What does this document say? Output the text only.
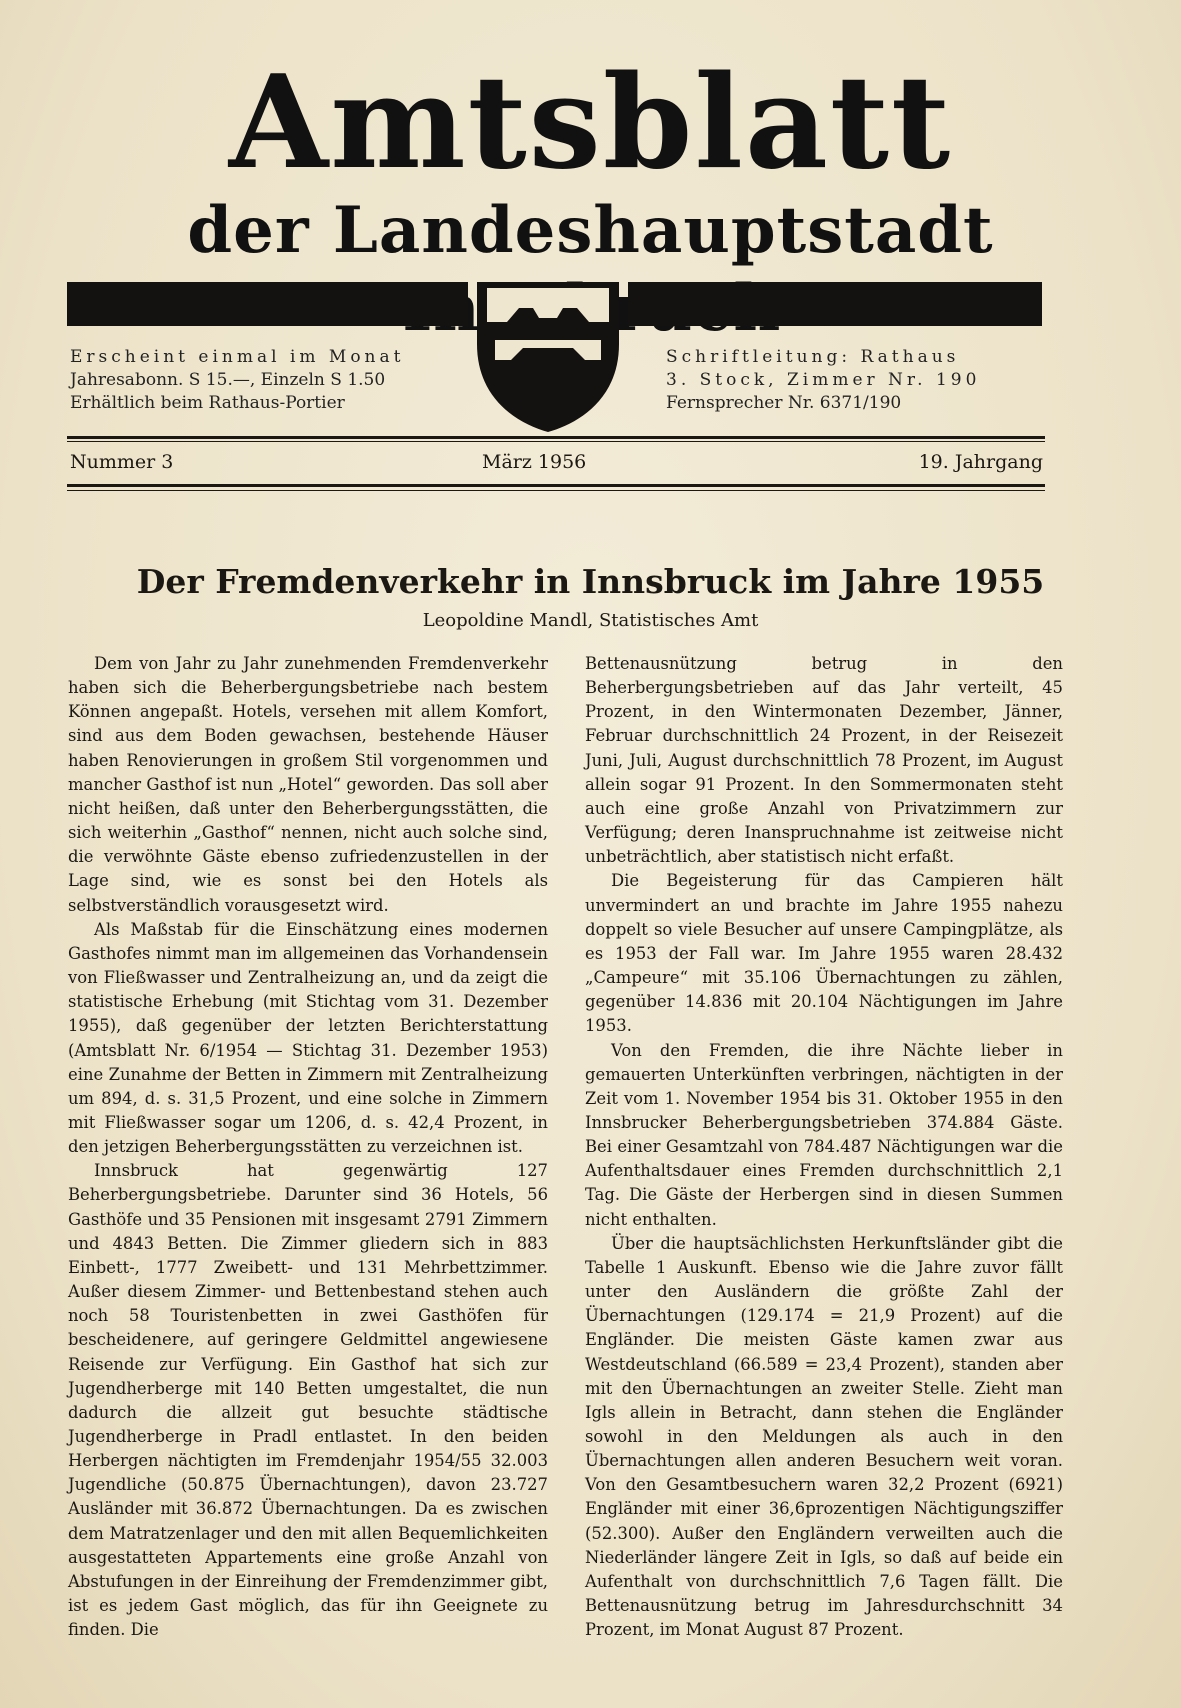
Amtsblatt
der Landeshauptstadt
Erscheint einmal im Monat
Jahresabonn. S 15.—, Einzeln S 1.50
Erhältlich beim Rathaus-Portier
Schriftleitung: Rathaus
3. Stock, Zimmer Nr. 190
Fernsprecher Nr. 6371/190
Nummer 3	März 1956	19. Jahrgang
Der Fremdenverkehr in Innsbruck im Jahre 1955
Leopoldine Mandl, Statistisches Amt

Dem von Jahr zu Jahr zunehmenden Fremdenverkehr haben sich die Beherbergungsbetriebe nach bestem Können angepaßt. Hotels, versehen mit allem Komfort, sind aus dem Boden gewachsen, bestehende Häuser haben Renovierungen in großem Stil vorgenommen und mancher Gasthof ist nun „Hotel“ geworden. Das soll aber nicht heißen, daß unter den Beherbergungsstätten, die sich weiterhin „Gasthof“ nennen, nicht auch solche sind, die verwöhnte Gäste ebenso zufriedenzustellen in der Lage sind, wie es sonst bei den Hotels als selbstverständlich vorausgesetzt wird.

Als Maßstab für die Einschätzung eines modernen Gasthofes nimmt man im allgemeinen das Vorhandensein von Fließwasser und Zentralheizung an, und da zeigt die statistische Erhebung (mit Stichtag vom 31. Dezember 1955), daß gegenüber der letzten Berichterstattung (Amtsblatt Nr. 6/1954 — Stichtag 31. Dezember 1953) eine Zunahme der Betten in Zimmern mit Zentralheizung um 894, d. s. 31,5 Prozent, und eine solche in Zimmern mit Fließwasser sogar um 1206, d. s. 42,4 Prozent, in den jetzigen Beherbergungsstätten zu verzeichnen ist.

Innsbruck hat gegenwärtig 127 Beherbergungsbetriebe. Darunter sind 36 Hotels, 56 Gasthöfe und 35 Pensionen mit insgesamt 2791 Zimmern und 4843 Betten. Die Zimmer gliedern sich in 883 Einbett-, 1777 Zweibett- und 131 Mehrbettzimmer. Außer diesem Zimmer- und Bettenbestand stehen auch noch 58 Touristenbetten in zwei Gasthöfen für bescheidenere, auf geringere Geldmittel angewiesene Reisende zur Verfügung. Ein Gasthof hat sich zur Jugendherberge mit 140 Betten umgestaltet, die nun dadurch die allzeit gut besuchte städtische Jugendherberge in Pradl entlastet. In den beiden Herbergen nächtigten im Fremdenjahr 1954/55 32.003 Jugendliche (50.875 Übernachtungen), davon 23.727 Ausländer mit 36.872 Übernachtungen. Da es zwischen dem Matratzenlager und den mit allen Bequemlichkeiten ausgestatteten Appartements eine große Anzahl von Abstufungen in der Einreihung der Fremdenzimmer gibt, ist es jedem Gast möglich, das für ihn Geeignete zu finden. Die

Bettenausnützung betrug in den Beherbergungsbetrieben auf das Jahr verteilt, 45 Prozent, in den Wintermonaten Dezember, Jänner, Februar durchschnittlich 24 Prozent, in der Reisezeit Juni, Juli, August durchschnittlich 78 Prozent, im August allein sogar 91 Prozent. In den Sommermonaten steht auch eine große Anzahl von Privatzimmern zur Verfügung; deren Inanspruchnahme ist zeitweise nicht unbeträchtlich, aber statistisch nicht erfaßt.

Die Begeisterung für das Campieren hält unvermindert an und brachte im Jahre 1955 nahezu doppelt so viele Besucher auf unsere Campingplätze, als es 1953 der Fall war. Im Jahre 1955 waren 28.432 „Campeure“ mit 35.106 Übernachtungen zu zählen, gegenüber 14.836 mit 20.104 Nächtigungen im Jahre 1953.

Von den Fremden, die ihre Nächte lieber in gemauerten Unterkünften verbringen, nächtigten in der Zeit vom 1. November 1954 bis 31. Oktober 1955 in den Innsbrucker Beherbergungsbetrieben 374.884 Gäste. Bei einer Gesamtzahl von 784.487 Nächtigungen war die Aufenthaltsdauer eines Fremden durchschnittlich 2,1 Tag. Die Gäste der Herbergen sind in diesen Summen nicht enthalten.

Über die hauptsächlichsten Herkunftsländer gibt die Tabelle 1 Auskunft. Ebenso wie die Jahre zuvor fällt unter den Ausländern die größte Zahl der Übernachtungen (129.174 = 21,9 Prozent) auf die Engländer. Die meisten Gäste kamen zwar aus Westdeutschland (66.589 = 23,4 Prozent), standen aber mit den Übernachtungen an zweiter Stelle. Zieht man Igls allein in Betracht, dann stehen die Engländer sowohl in den Meldungen als auch in den Übernachtungen allen anderen Besuchern weit voran. Von den Gesamtbesuchern waren 32,2 Prozent (6921) Engländer mit einer 36,6prozentigen Nächtigungsziffer (52.300). Außer den Engländern verweilten auch die Niederländer längere Zeit in Igls, so daß auf beide ein Aufenthalt von durchschnittlich 7,6 Tagen fällt. Die Bettenausnützung betrug im Jahresdurchschnitt 34 Prozent, im Monat August 87 Prozent.
